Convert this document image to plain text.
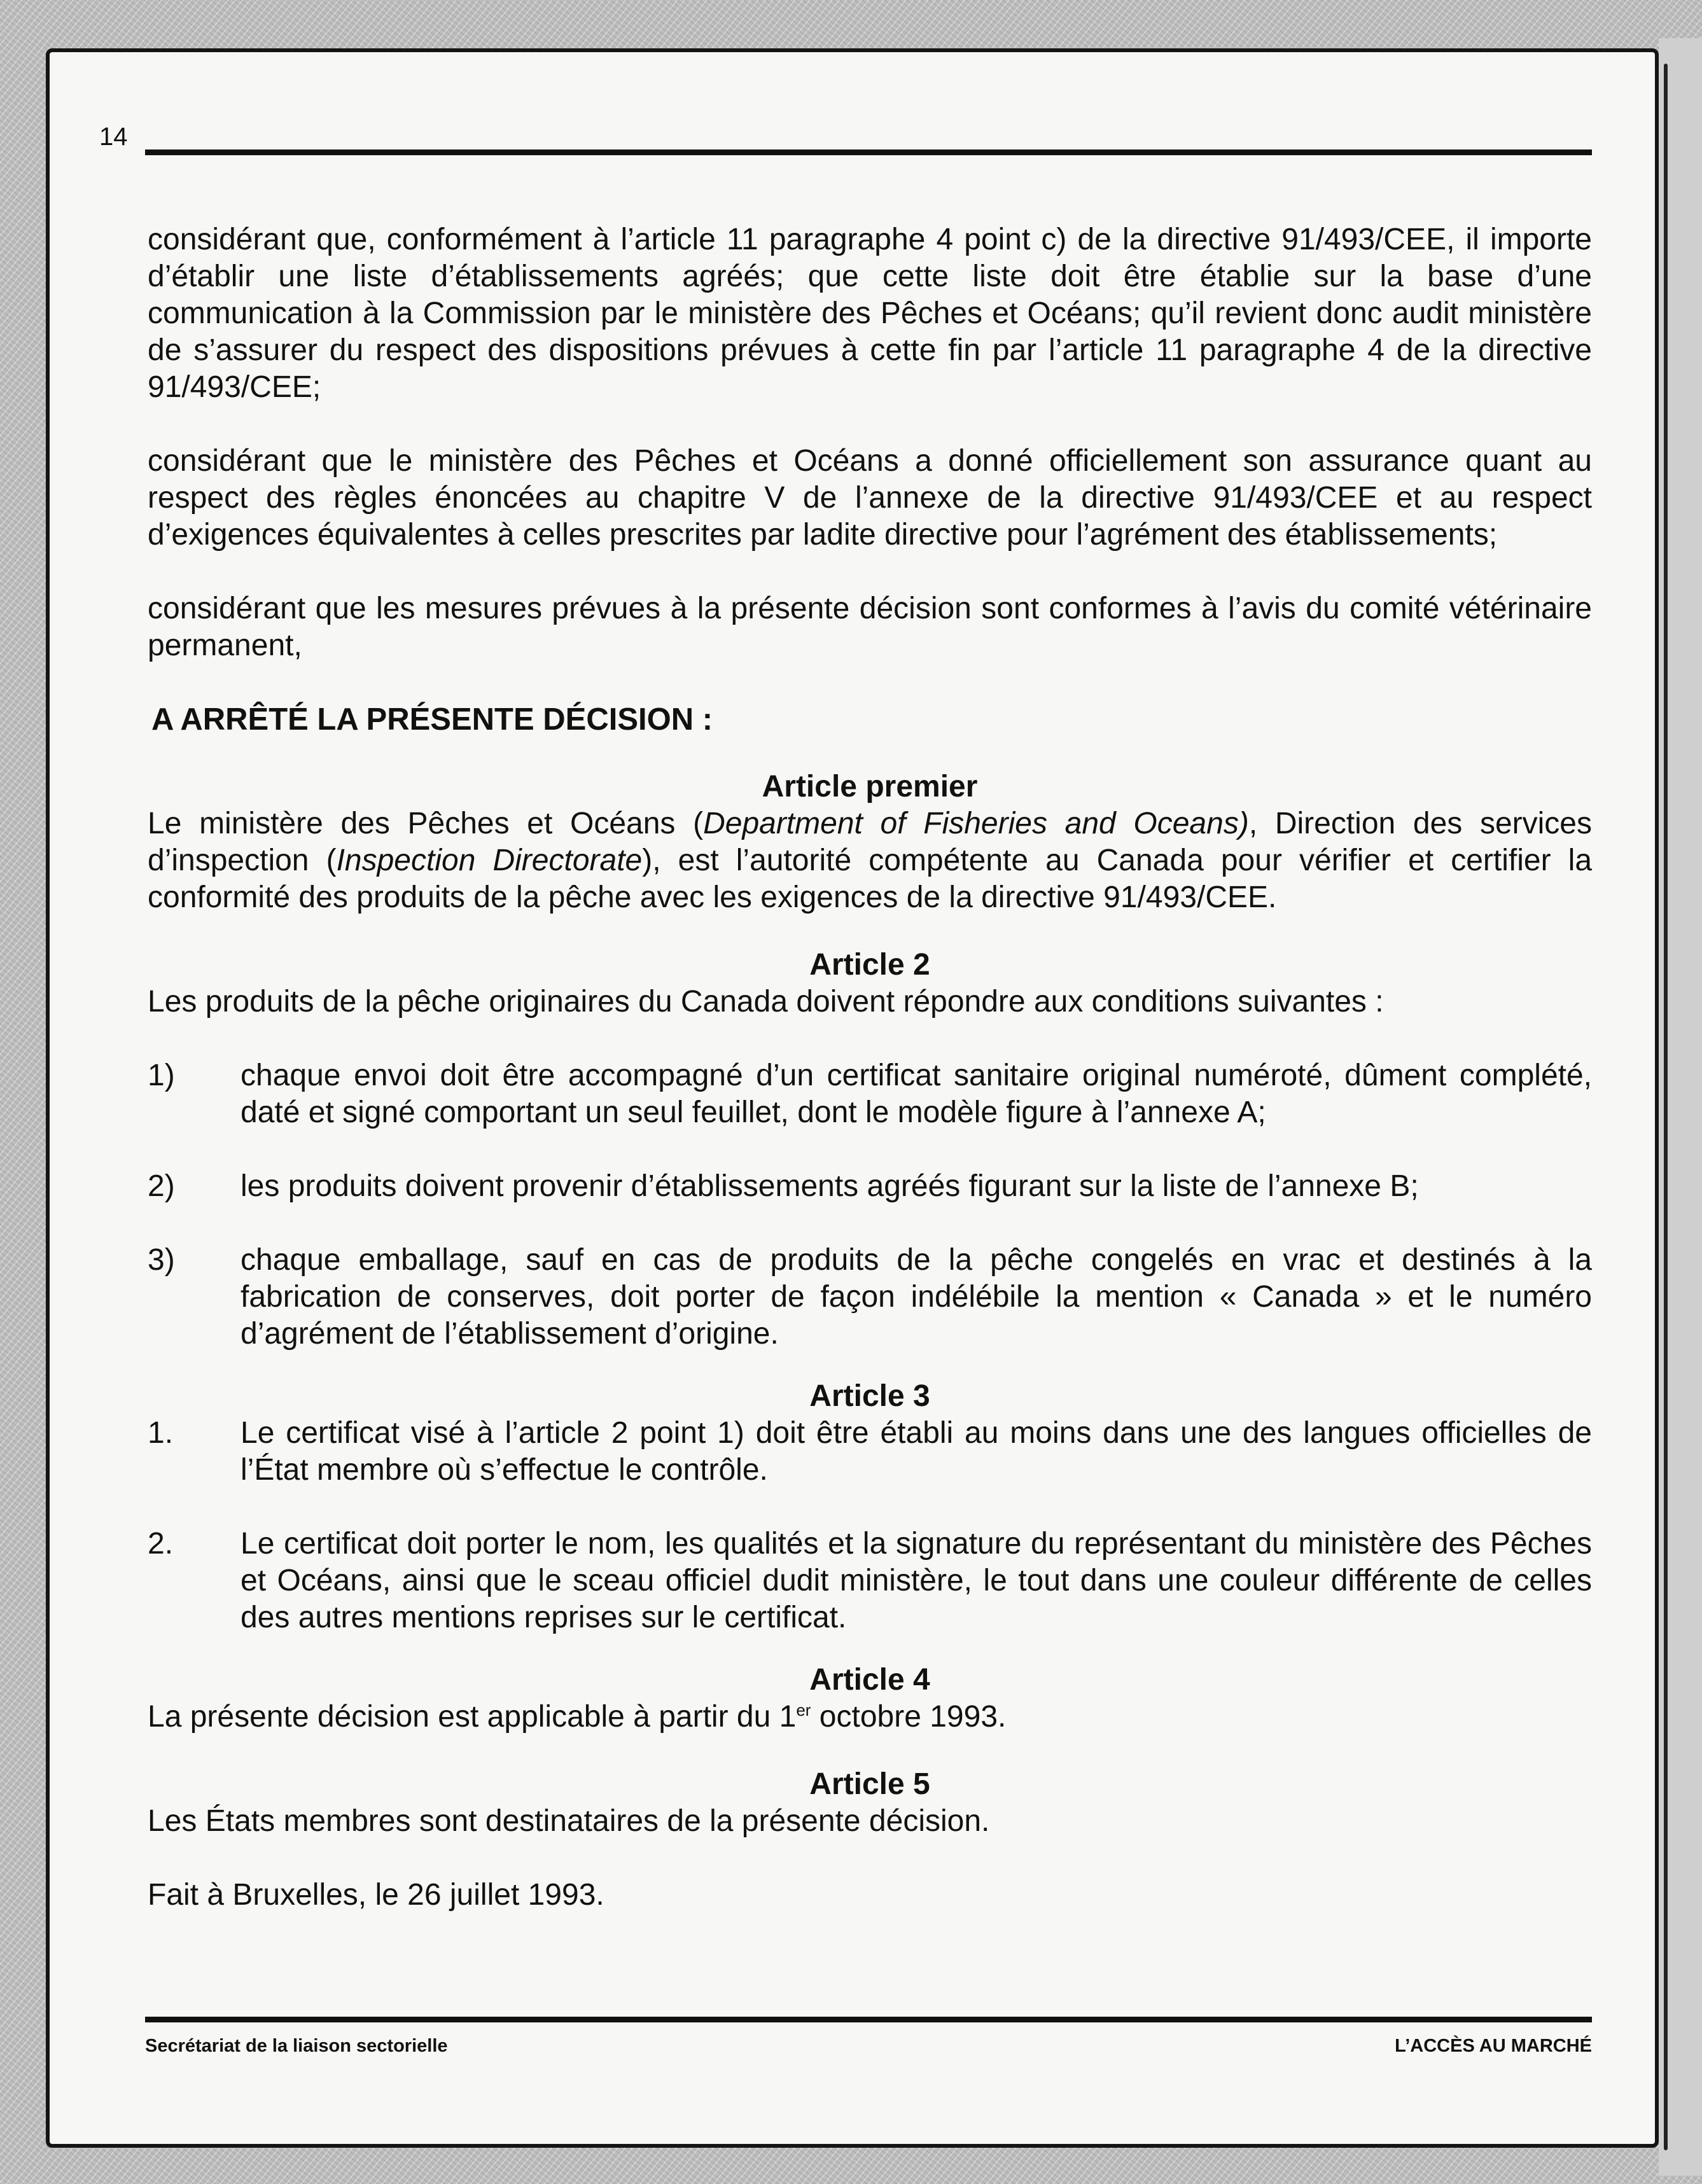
14

considérant que, conformément à l’article 11 paragraphe 4 point c) de la directive 91/493/CEE, il importe d’établir une liste d’établissements agréés; que cette liste doit être établie sur la base d’une communication à la Commission par le ministère des Pêches et Océans; qu’il revient donc audit ministère de s’assurer du respect des dispositions prévues à cette fin par l’article 11 paragraphe 4 de la directive 91/493/CEE;

considérant que le ministère des Pêches et Océans a donné officiellement son assurance quant au respect des règles énoncées au chapitre V de l’annexe de la directive 91/493/CEE et au respect d’exigences équivalentes à celles prescrites par ladite directive pour l’agrément des établissements;

considérant que les mesures prévues à la présente décision sont conformes à l’avis du comité vétérinaire permanent,

A ARRÊTÉ LA PRÉSENTE DÉCISION :
Article premier

Le ministère des Pêches et Océans (Department of Fisheries and Oceans), Direction des services d’inspection (Inspection Directorate), est l’autorité compétente au Canada pour vérifier et certifier la conformité des produits de la pêche avec les exigences de la directive 91/493/CEE.

Article 2

Les produits de la pêche originaires du Canada doivent répondre aux conditions suivantes :

1)	chaque envoi doit être accompagné d’un certificat sanitaire original numéroté, dûment complété, daté et signé comportant un seul feuillet, dont le modèle figure à l’annexe A;
2)	les produits doivent provenir d’établissements agréés figurant sur la liste de l’annexe B;
3)	chaque emballage, sauf en cas de produits de la pêche congelés en vrac et destinés à la fabrication de conserves, doit porter de façon indélébile la mention « Canada » et le numéro d’agrément de l’établissement d’origine.
Article 3
1.	Le certificat visé à l’article 2 point 1) doit être établi au moins dans une des langues officielles de l’État membre où s’effectue le contrôle.
2.	Le certificat doit porter le nom, les qualités et la signature du représentant du ministère des Pêches et Océans, ainsi que le sceau officiel dudit ministère, le tout dans une couleur différente de celles des autres mentions reprises sur le certificat.
Article 4

La présente décision est applicable à partir du 1er octobre 1993.

Article 5

Les États membres sont destinataires de la présente décision.

Fait à Bruxelles, le 26 juillet 1993.

Secrétariat de la liaison sectorielle	L’ACCÈS AU MARCHÉ
